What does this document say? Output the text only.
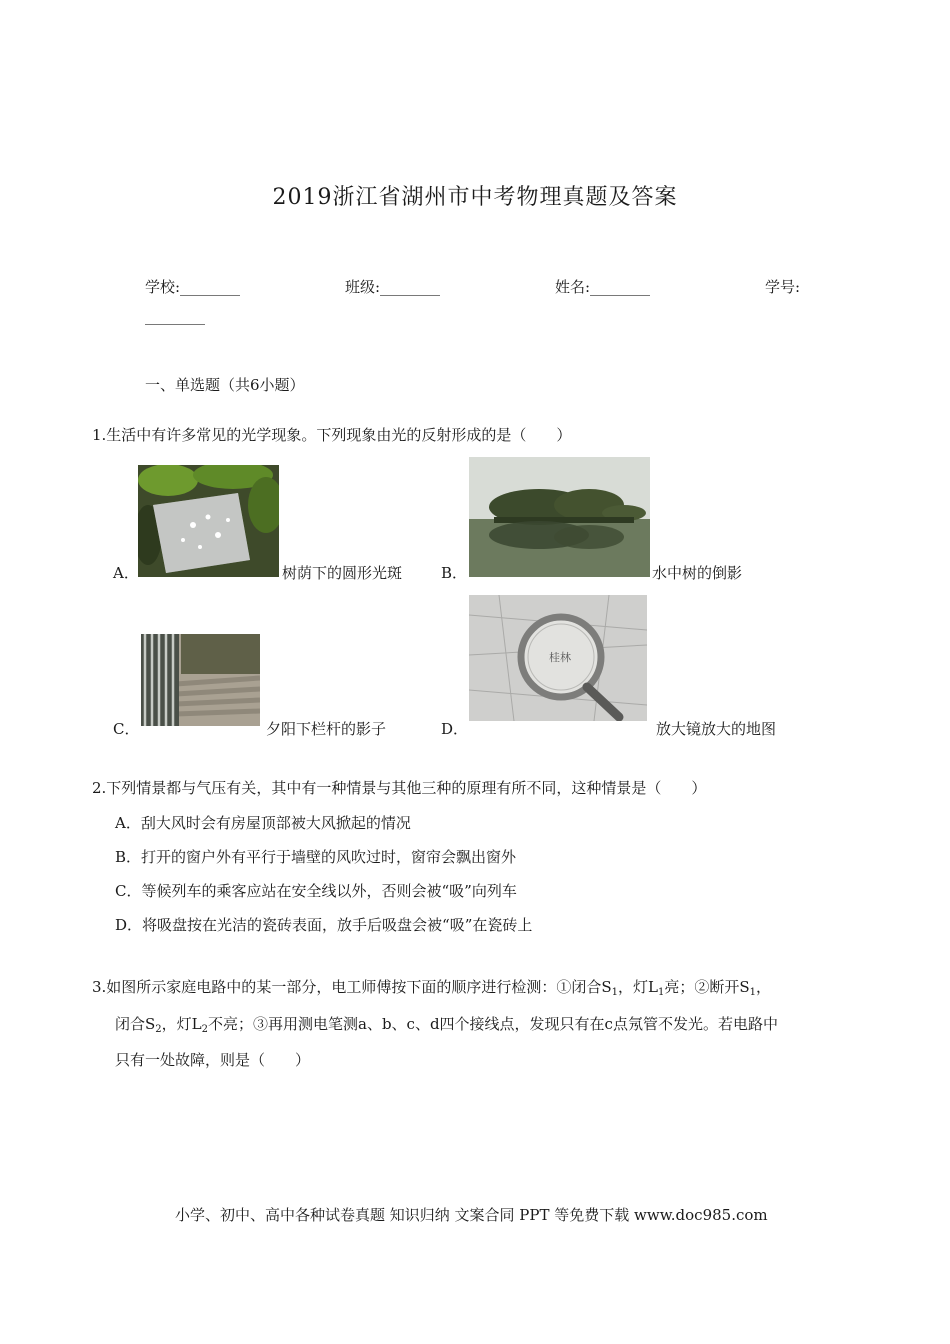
2019浙江省湖州市中考物理真题及答案
学校:________	班级:________	姓名:________	学号:
________
一、单选题（共6小题）
1.生活中有许多常见的光学现象。下列现象由光的反射形成的是（　　）
A．	树荫下的圆形光斑	B．	水中树的倒影
C．	夕阳下栏杆的影子
桂林
D．	放大镜放大的地图
2.下列情景都与气压有关，其中有一种情景与其他三种的原理有所不同，这种情景是（　　）
A．刮大风时会有房屋顶部被大风掀起的情况
B．打开的窗户外有平行于墙壁的风吹过时，窗帘会飘出窗外
C．等候列车的乘客应站在安全线以外，否则会被“吸”向列车
D．将吸盘按在光洁的瓷砖表面，放手后吸盘会被“吸”在瓷砖上
3.如图所示家庭电路中的某一部分，电工师傅按下面的顺序进行检测：①闭合$S_1$，灯$L_1$亮；②断开$S_1$，
闭合$S_2$，灯$L_2$不亮；③再用测电笔测a、b、c、d四个接线点，发现只有在c点氖管不发光。若电路中
只有一处故障，则是（　　）
小学、初中、高中各种试卷真题 知识归纳 文案合同 PPT 等免费下载 www.doc985.com
